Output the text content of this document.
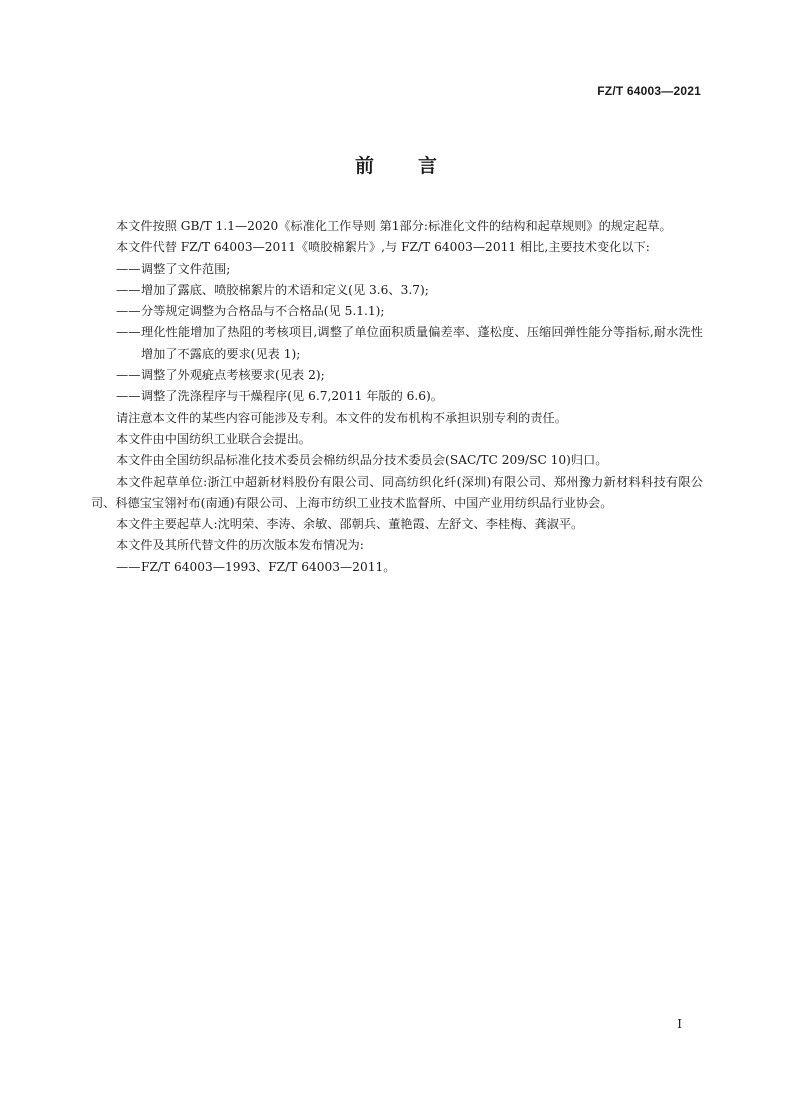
FZ/T 64003—2021
前言

本文件按照 GB/T 1.1—2020《标准化工作导则 第1部分:标准化文件的结构和起草规则》的规定起草。

本文件代替 FZ/T 64003—2011《喷胶棉絮片》,与 FZ/T 64003—2011 相比,主要技术变化以下:

—— 调整了文件范围;

—— 增加了露底、喷胶棉絮片的术语和定义(见 3.6、3.7);

—— 分等规定调整为合格品与不合格品(见 5.1.1);

—— 理化性能增加了热阻的考核项目,调整了单位面积质量偏差率、蓬松度、压缩回弹性能分等指标,耐水洗性增加了不露底的要求(见表 1);

—— 调整了外观疵点考核要求(见表 2);

—— 调整了洗涤程序与干燥程序(见 6.7,2011 年版的 6.6)。

请注意本文件的某些内容可能涉及专利。本文件的发布机构不承担识别专利的责任。

本文件由中国纺织工业联合会提出。

本文件由全国纺织品标准化技术委员会棉纺织品分技术委员会(SAC/TC 209/SC 10)归口。

本文件起草单位:浙江中超新材料股份有限公司、同高纺织化纤(深圳)有限公司、郑州豫力新材料科技有限公司、科德宝宝翎衬布(南通)有限公司、上海市纺织工业技术监督所、中国产业用纺织品行业协会。

本文件主要起草人:沈明荣、李涛、余敏、邵朝兵、董艳霞、左舒文、李桂梅、龚淑平。

本文件及其所代替文件的历次版本发布情况为:

—— FZ/T 64003—1993、FZ/T 64003—2011。

I
